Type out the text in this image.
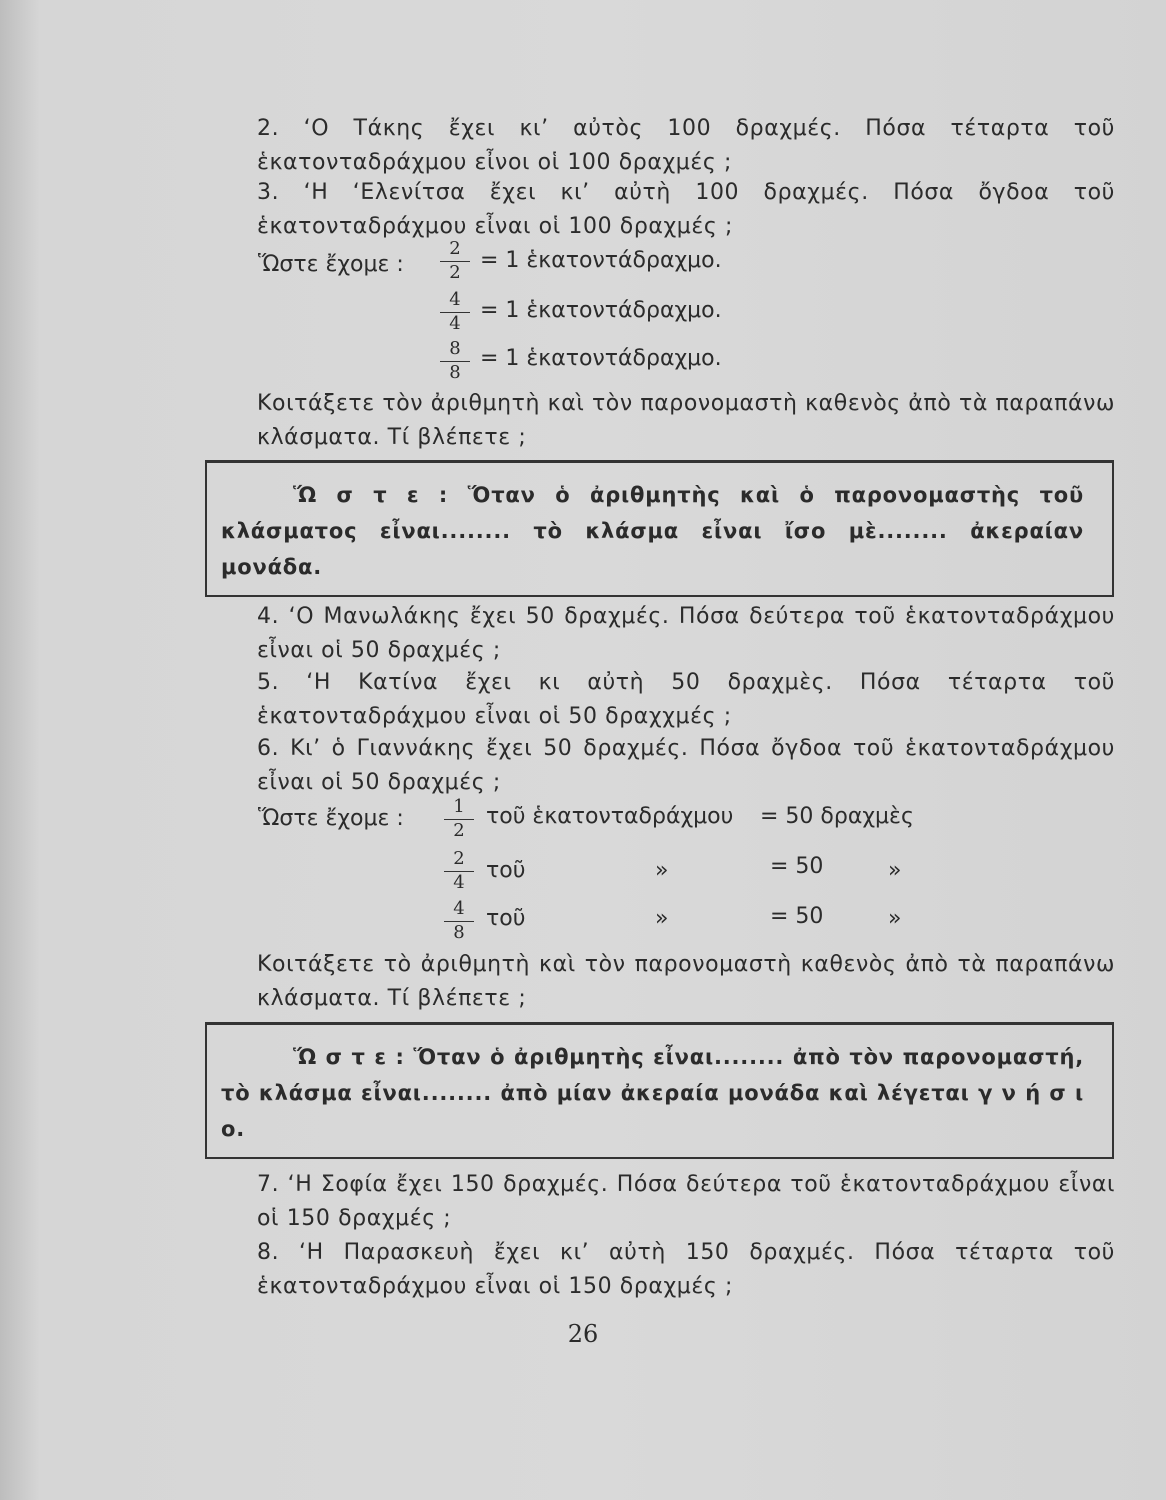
2. ‘Ο Τάκης ἔχει κι’ αὐτὸς 100 δραχμές. Πόσα τέταρτα τοῦ ἑκατονταδράχμου εἶνοι οἱ 100 δραχμές ;
3. ‘Η ‘Ελενίτσα ἔχει κι’ αὐτὴ 100 δραχμές. Πόσα ὄγδοα τοῦ ἑκατονταδράχμου εἶναι οἱ 100 δραχμές ;
Ὥστε ἔχομε : $\frac{2}{2} = 1$ ἑκατοντάδραχμο.
$\frac{4}{4} = 1$ ἑκατοντάδραχμο.
$\frac{8}{8} = 1$ ἑκατοντάδραχμο.
Κοιτάξετε τὸν ἀριθμητὴ καὶ τὸν παρονομαστὴ καθενὸς ἀπὸ τὰ παραπάνω κλάσματα. Τί βλέπετε ;
Ὥ σ τ ε : Ὅταν ὁ ἀριθμητὴς καὶ ὁ παρονομαστὴς τοῦ κλάσματος εἶναι........ τὸ κλάσμα εἶναι ἴσο μὲ........ ἀκεραίαν μονάδα.
4. ‘Ο Μανωλάκης ἔχει 50 δραχμές. Πόσα δεύτερα τοῦ ἑκατονταδράχμου εἶναι οἱ 50 δραχμές ;
5. ‘Η Κατίνα ἔχει κι αὐτὴ 50 δραχμὲς. Πόσα τέταρτα τοῦ ἑκατονταδράχμου εἶναι οἱ 50 δραχχμές ;
6. Κι’ ὁ Γιαννάκης ἔχει 50 δραχμές. Πόσα ὄγδοα τοῦ ἑκατονταδράχμου εἶναι οἱ 50 δραχμές ;
Ὥστε ἔχομε : $\frac{1}{2}$ τοῦ ἑκατονταδράχμου = 50 δραχμὲς
$\frac{2}{4}$ τοῦ	»	= 50	»
$\frac{4}{8}$ τοῦ	»	= 50	»
Κοιτάξετε τὸ ἀριθμητὴ καὶ τὸν παρονομαστὴ καθενὸς ἀπὸ τὰ παραπάνω κλάσματα. Τί βλέπετε ;
Ὥ σ τ ε : Ὅταν ὁ ἀριθμητὴς εἶναι........ ἀπὸ τὸν παρονομαστή, τὸ κλάσμα εἶναι........ ἀπὸ μίαν ἀκεραία μονάδα καὶ λέγεται γ ν ή σ ι ο.
7. ‘Η Σοφία ἔχει 150 δραχμές. Πόσα δεύτερα τοῦ ἑκατονταδράχμου εἶναι οἱ 150 δραχμές ;
8. ‘Η Παρασκευὴ ἔχει κι’ αὐτὴ 150 δραχμές. Πόσα τέταρτα τοῦ ἑκατονταδράχμου εἶναι οἱ 150 δραχμές ;
26
